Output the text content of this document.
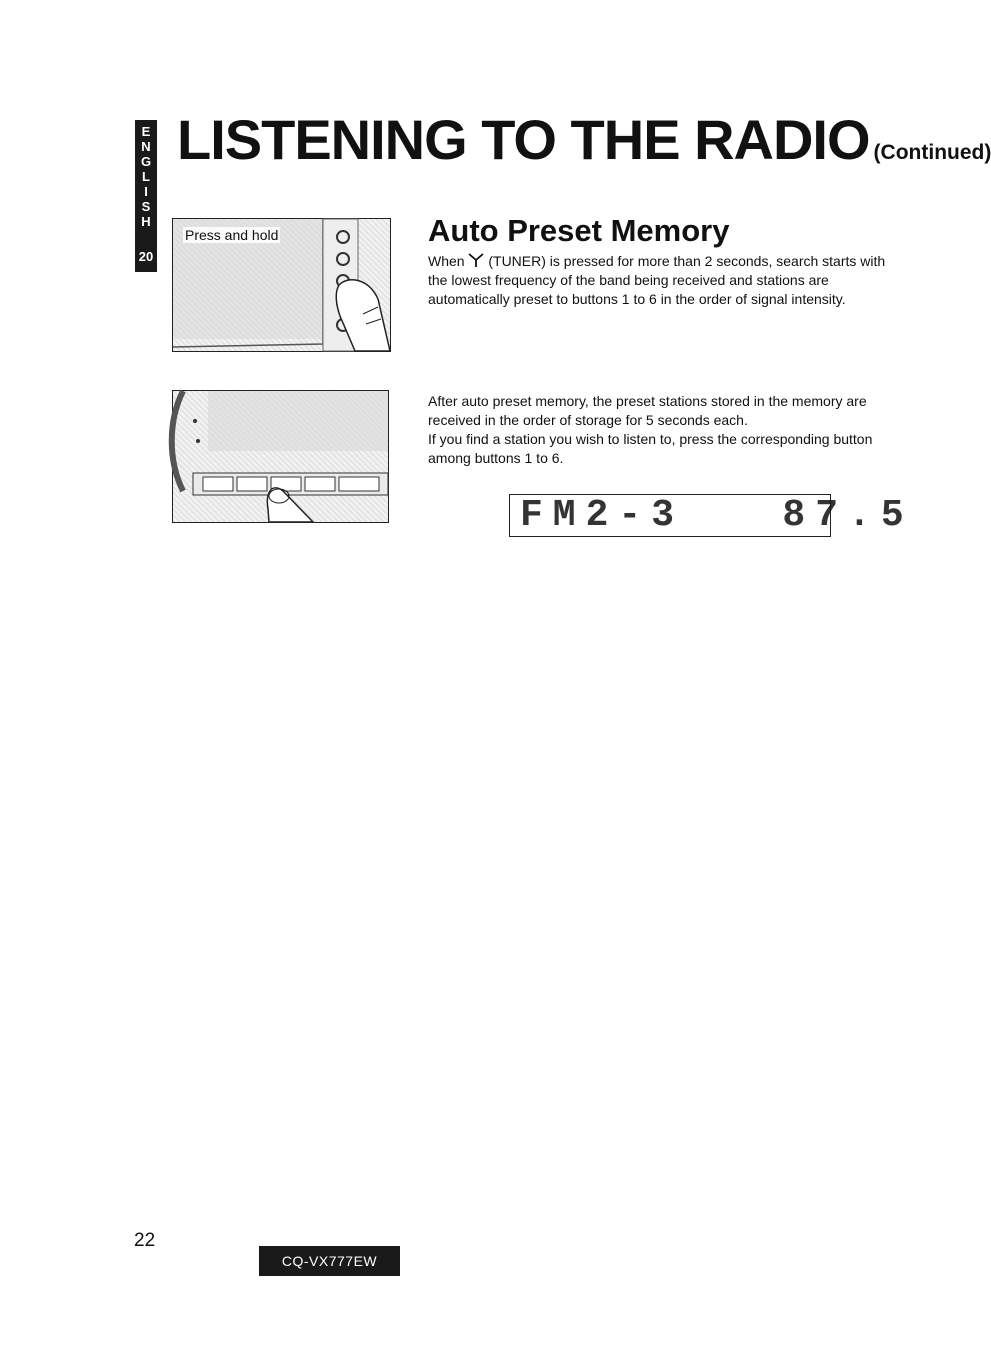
E
N
G
L
I
S
H
20
LISTENING TO THE RADIO (Continued)
Press and hold	Auto Preset Memory

When (TUNER) is pressed for more than 2 seconds, search starts with the lowest frequency of the band being received and stations are automatically preset to buttons 1 to 6 in the order of signal intensity.

After auto preset memory, the preset stations stored in the memory are received in the order of storage for 5 seconds each.
If you find a station you wish to listen to, press the corresponding button among buttons 1 to 6.

FM2-3   87.5
22
CQ-VX777EW
